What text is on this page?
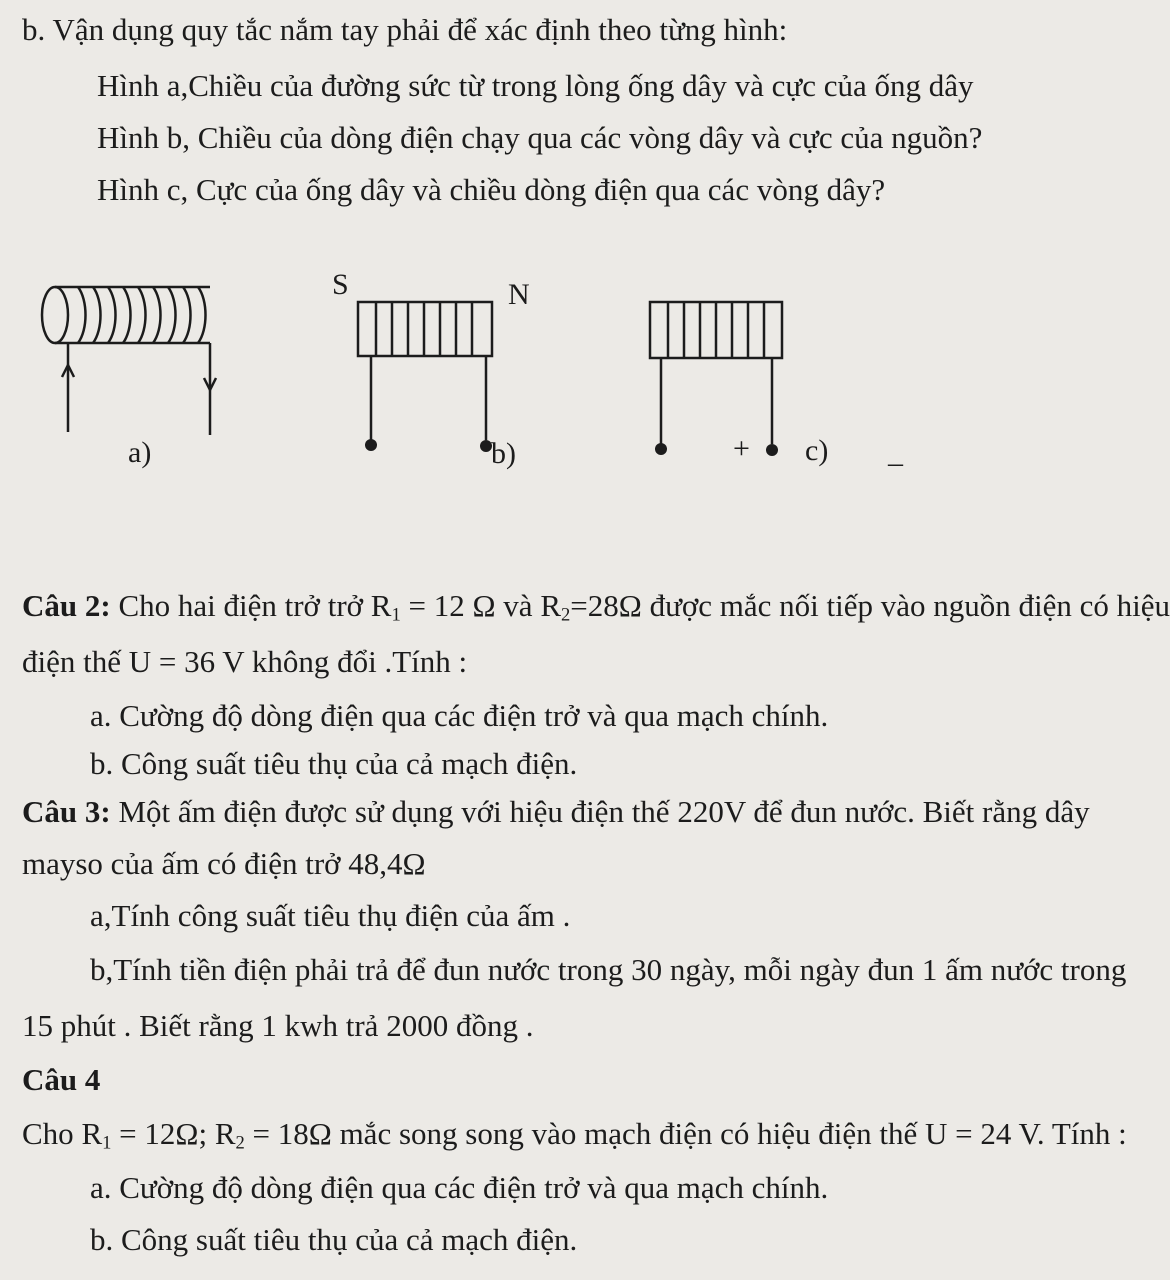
b. Vận dụng quy tắc nắm tay phải để xác định theo từng hình:
Hình a,Chiều của đường sức từ trong lòng ống dây và cực của ống dây
Hình b, Chiều của dòng điện chạy qua các vòng dây và cực của nguồn?
Hình c, Cực của ống dây và chiều dòng điện qua các vòng dây?
a)
S	N
b)	+ c) –
Câu 2: Cho hai điện trở trở $R_1 = 12$ Ω và $R_2=28\Omega$ được mắc nối tiếp vào nguồn điện có hiệu
điện thế U = 36 V không đổi .Tính :
a. Cường độ dòng điện qua các điện trở và qua mạch chính.
b. Công suất tiêu thụ của cả mạch điện.
Câu 3: Một ấm điện được sử dụng với hiệu điện thế 220V để đun nước. Biết rằng dây
mayso của ấm có điện trở 48,4Ω
a,Tính công suất tiêu thụ điện của ấm .
b,Tính tiền điện phải trả để đun nước trong 30 ngày, mỗi ngày đun 1 ấm nước trong
15 phút . Biết rằng 1 kwh trả 2000 đồng .
Câu 4
Cho $R_1 = 12\Omega$; $R_2 = 18\Omega$ mắc song song vào mạch điện có hiệu điện thế U = 24 V. Tính :
a. Cường độ dòng điện qua các điện trở và qua mạch chính.
b. Công suất tiêu thụ của cả mạch điện.
